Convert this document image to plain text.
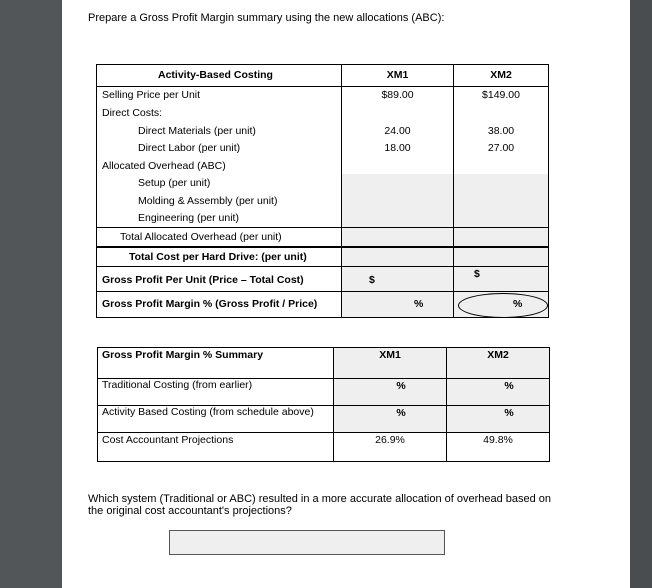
Prepare a Gross Profit Margin summary using the new allocations (ABC):
Activity-Based Costing	XM1	XM2
Selling Price per Unit	$89.00	$149.00
Direct Costs:
Direct Materials (per unit)	24.00	38.00
Direct Labor (per unit)	18.00	27.00
Allocated Overhead (ABC)
Setup (per unit)
Molding & Assembly (per unit)
Engineering (per unit)
Total Allocated Overhead (per unit)
Total Cost per Hard Drive: (per unit)
Gross Profit Per Unit (Price – Total Cost)	$	$
Gross Profit Margin % (Gross Profit / Price)	%	%
Gross Profit Margin % Summary	XM1	XM2
Traditional Costing (from earlier)	%	%
Activity Based Costing (from schedule above)	%	%
Cost Accountant Projections	26.9%	49.8%
Which system (Traditional or ABC) resulted in a more accurate allocation of overhead based on
the original cost accountant's projections?
